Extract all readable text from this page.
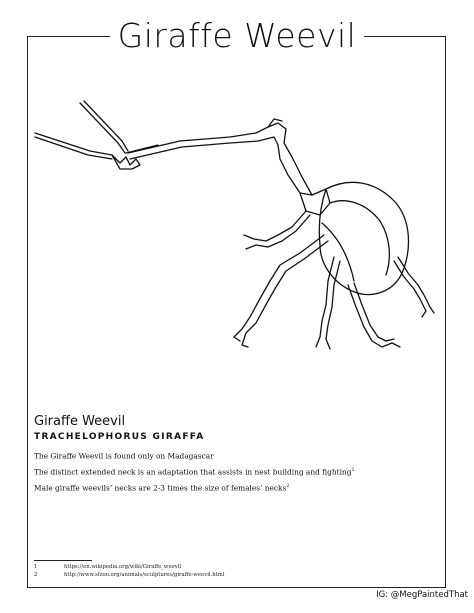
Giraffe Weevil
Giraffe Weevil
TRACHELOPHORUS GIRAFFA
The Giraffe Weevil is found only on Madagascar
The distinct extended neck is an adaptation that assists in nest building and fighting$^1$
Male giraffe weevils’ necks are 2-3 times the size of females’ necks$^2$
1	https://en.wikipedia.org/wiki/Giraffe_weevil
2	http://www.sfzoo.org/animals/sculptures/giraffe-weevil.html
IG: @MegPaintedThat
